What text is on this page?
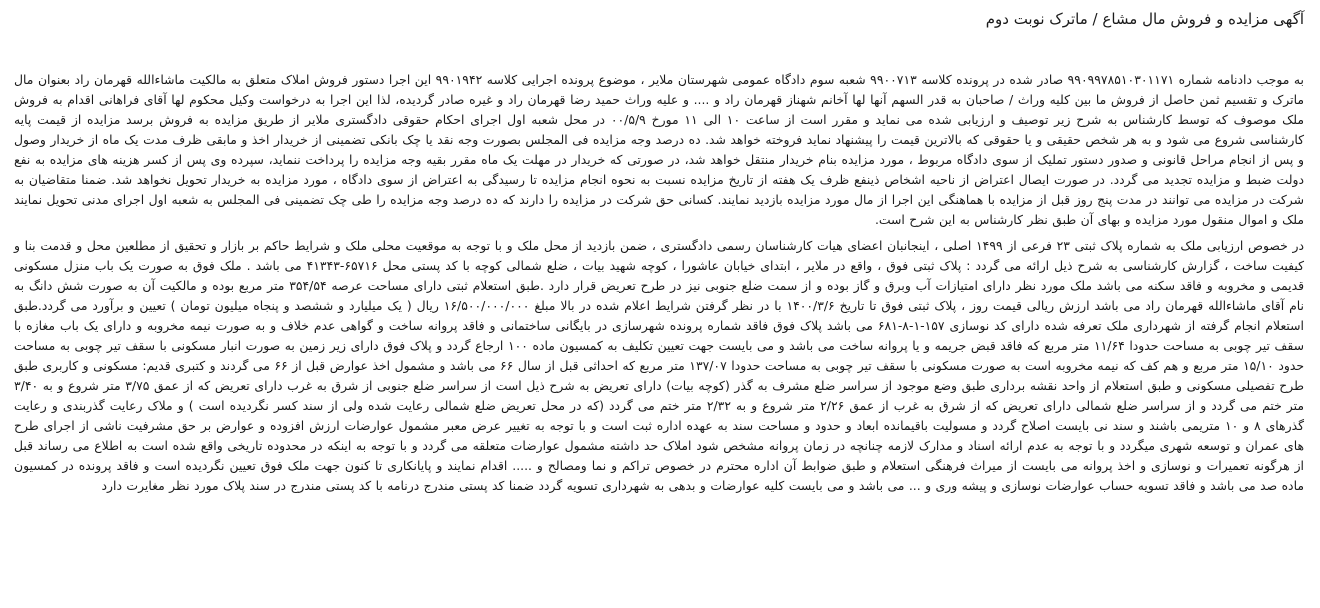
آگهی مزایده و فروش مال مشاع / ماترک نوبت دوم

به موجب دادنامه شماره ۹۹۰۹۹۷۸۵۱۰۳۰۱۱۷۱ صادر شده در پرونده کلاسه ۹۹۰۰۷۱۳ شعبه سوم دادگاه عمومی شهرستان ملایر ، موضوع پرونده اجرایی کلاسه ۹۹۰۱۹۴۲ این اجرا دستور فروش املاک متعلق به مالکیت ماشاءالله قهرمان راد بعنوان مال ماترک و تقسیم ثمن حاصل از فروش ما بین کلیه وراث / صاحبان به قدر السهم آنها لها آخانم شهناز قهرمان راد و .... و علیه وراث حمید رضا قهرمان راد و غیره صادر گردیده، لذا این اجرا به درخواست وکیل محکوم لها آقای فراهانی اقدام به فروش ملک موصوف که توسط کارشناس به شرح زیر توصیف و ارزیابی شده می نماید و مقرر است از ساعت ۱۰ الی ۱۱ مورخ ۰۰/۵/۹ در محل شعبه اول اجرای احکام حقوقی دادگستری ملایر از طریق مزایده به فروش برسد مزایده از قیمت پایه کارشناسی شروع می شود و به هر شخص حقیقی و یا حقوقی که بالاترین قیمت را پیشنهاد نماید فروخته خواهد شد. ده درصد وجه مزایده فی المجلس بصورت وجه نقد یا چک بانکی تضمینی از خریدار اخذ و مابقی ظرف مدت یک ماه از خریدار وصول و پس از انجام مراحل قانونی و صدور دستور تملیک از سوی دادگاه مربوط ، مورد مزایده بنام خریدار منتقل خواهد شد، در صورتی که خریدار در مهلت یک ماه مقرر بقیه وجه مزایده را پرداخت ننماید، سپرده وی پس از کسر هزینه های مزایده به نفع دولت ضبط و مزایده تجدید می گردد. در صورت ایصال اعتراض از ناحیه اشخاص ذینفع ظرف یک هفته از تاریخ مزایده نسبت به نحوه انجام مزایده تا رسیدگی به اعتراض از سوی دادگاه ، مورد مزایده به خریدار تحویل نخواهد شد. ضمنا متقاضیان به شرکت در مزایده می توانند در مدت پنج روز قبل از مزایده با هماهنگی این اجرا از مال مورد مزایده بازدید نمایند. کسانی حق شرکت در مزایده را دارند که ده درصد وجه مزایده را طی چک تضمینی فی المجلس به شعبه اول اجرای مدنی تحویل نمایند ملک و اموال منقول مورد مزایده و بهای آن طبق نظر کارشناس به این شرح است.

در خصوص ارزیابی ملک به شماره پلاک ثبتی ۲۳ فرعی از ۱۴۹۹ اصلی ، اینجانبان اعضای هیات کارشناسان رسمی دادگستری ، ضمن بازدید از محل ملک و با توجه به موقعیت محلی ملک و شرایط حاکم بر بازار و تحقیق از مطلعین محل و قدمت بنا و کیفیت ساخت ، گزارش کارشناسی به شرح ذیل ارائه می گردد : پلاک ثبتی فوق ، واقع در ملایر ، ابتدای خیابان عاشورا ، کوچه شهید بیات ، ضلع شمالی کوچه با کد پستی محل ۶۵۷۱۶-۴۱۳۴۳ می باشد . ملک فوق به صورت یک باب منزل مسکونی قدیمی و مخروبه و فاقد سکنه می باشد ملک مورد نظر دارای امتیازات آب وبرق و گاز بوده و از سمت ضلع جنوبی نیز در طرح تعریض قرار دارد .طبق استعلام ثبتی دارای مساحت عرصه ۳۵۴/۵۴ متر مربع بوده و مالکیت آن به صورت شش دانگ به نام آقای ماشاءالله قهرمان راد می باشد ارزش ریالی قیمت روز ، پلاک ثبتی فوق تا تاریخ ۱۴۰۰/۳/۶ با در نظر گرفتن شرایط اعلام شده در بالا مبلغ ۱۶/۵۰۰/۰۰۰/۰۰۰ ریال ( یک میلیارد و ششصد و پنجاه میلیون تومان ) تعیین و برآورد می گردد.طبق استعلام انجام گرفته از شهرداری ملک تعرفه شده دارای کد نوسازی ۱۵۷-۱-۸-۶۸۱ می باشد پلاک فوق فاقد شماره پرونده شهرسازی در بایگانی ساختمانی و فاقد پروانه ساخت و گواهی عدم خلاف و به صورت نیمه مخروبه و دارای یک باب مغازه با سقف تیر چوبی به مساحت حدودا ۱۱/۶۴ متر مربع که فاقد قبض جریمه و یا پروانه ساخت می باشد و می بایست جهت تعیین تکلیف به کمسیون ماده ۱۰۰ ارجاع گردد و پلاک فوق دارای زیر زمین به صورت انبار مسکونی با سقف تیر چوبی به مساحت حدود ۱۵/۱۰ متر مربع و هم کف که نیمه مخروبه است به صورت مسکونی با سقف تیر چوبی به مساحت حدودا ۱۳۷/۰۷ متر مربع که احداثی قبل از سال ۶۶ می باشد و مشمول اخذ عوارض قبل از ۶۶ می گردند و کتبری قدیم: مسکونی و کاربری طبق طرح تفصیلی مسکونی و طبق استعلام از واحد نقشه برداری طبق وضع موجود از سراسر ضلع مشرف به گذر (کوچه بیات) دارای تعریض به شرح ذیل است از سراسر ضلع جنوبی از شرق به غرب دارای تعریض که از عمق ۳/۷۵ متر شروع و به ۳/۴۰ متر ختم می گردد و از سراسر ضلع شمالی دارای تعریض که از شرق به غرب از عمق ۲/۲۶ متر شروع و به ۲/۳۲ متر ختم می گردد (که در محل تعریض ضلع شمالی رعایت شده ولی از سند کسر نگردیده است ) و ملاک رعایت گذربندی و رعایت گذرهای ۸ و ۱۰ متریمی باشند و سند نی بایست اصلاح گردد و مسولیت باقیمانده ابعاد و حدود و مساحت سند به عهده اداره ثبت است و با توجه به تغییر عرض معبر مشمول عوارضات ارزش افزوده و عوارض بر حق مشرفیت ناشی از اجرای طرح های عمران و توسعه شهری میگردد و با توجه به عدم ارائه اسناد و مدارک لازمه چنانچه در زمان پروانه مشخص شود املاک حد داشته مشمول عوارضات متعلقه می گردد و با توجه به اینکه در محدوده تاریخی واقع شده است به اطلاع می رساند قبل از هرگونه تعمیرات و نوسازی و اخذ پروانه می بایست از میراث فرهنگی استعلام و طبق ضوابط آن اداره محترم در خصوص تراکم و نما ومصالح و ..... اقدام نمایند و پایانکاری تا کنون جهت ملک فوق تعیین نگردیده است و فاقد پرونده در کمسیون ماده صد می باشد و فاقد تسویه حساب عوارضات نوسازی و پیشه وری و ... می باشد و می بایست کلیه عوارضات و بدهی به شهرداری تسویه گردد ضمنا کد پستی مندرج درنامه با کد پستی مندرج در سند پلاک مورد نظر مغایرت دارد
